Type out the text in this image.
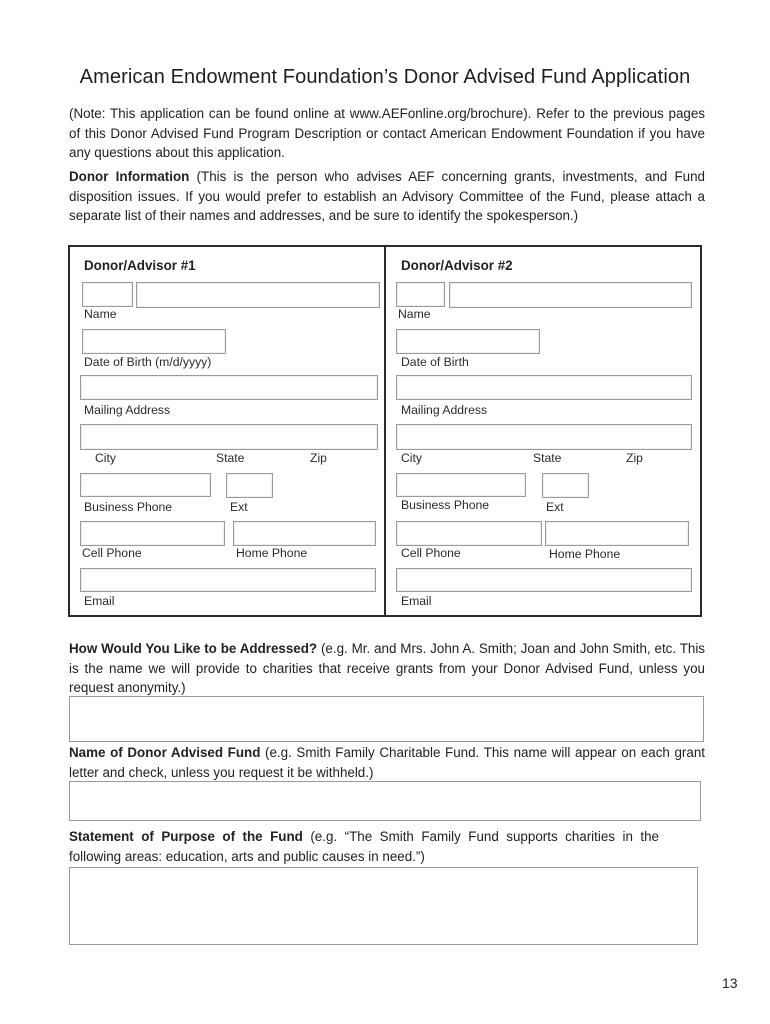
American Endowment Foundation’s Donor Advised Fund Application
(Note: This application can be found online at www.AEFonline.org/brochure). Refer to the previous pages of this Donor Advised Fund Program Description or contact American Endowment Foundation if you have any questions about this application.
Donor Information (This is the person who advises AEF concerning grants, investments, and Fund disposition issues. If you would prefer to establish an Advisory Committee of the Fund, please attach a separate list of their names and addresses, and be sure to identify the spokesperson.)
Donor/Advisor #1
Name
Date of Birth (m/d/yyyy)
Mailing Address
City	State	Zip
Business Phone	Ext
Cell Phone	Home Phone
Email
Donor/Advisor #2
Name
Date of Birth
Mailing Address
City	State	Zip
Business Phone	Ext
Cell Phone	Home Phone
Email
How Would You Like to be Addressed? (e.g. Mr. and Mrs. John A. Smith; Joan and John Smith, etc. This is the name we will provide to charities that receive grants from your Donor Advised Fund, unless you request anonymity.)
Name of Donor Advised Fund (e.g. Smith Family Charitable Fund. This name will appear on each grant letter and check, unless you request it be withheld.)
Statement of Purpose of the Fund (e.g. “The Smith Family Fund supports charities in the following areas: education, arts and public causes in need.”)
13
